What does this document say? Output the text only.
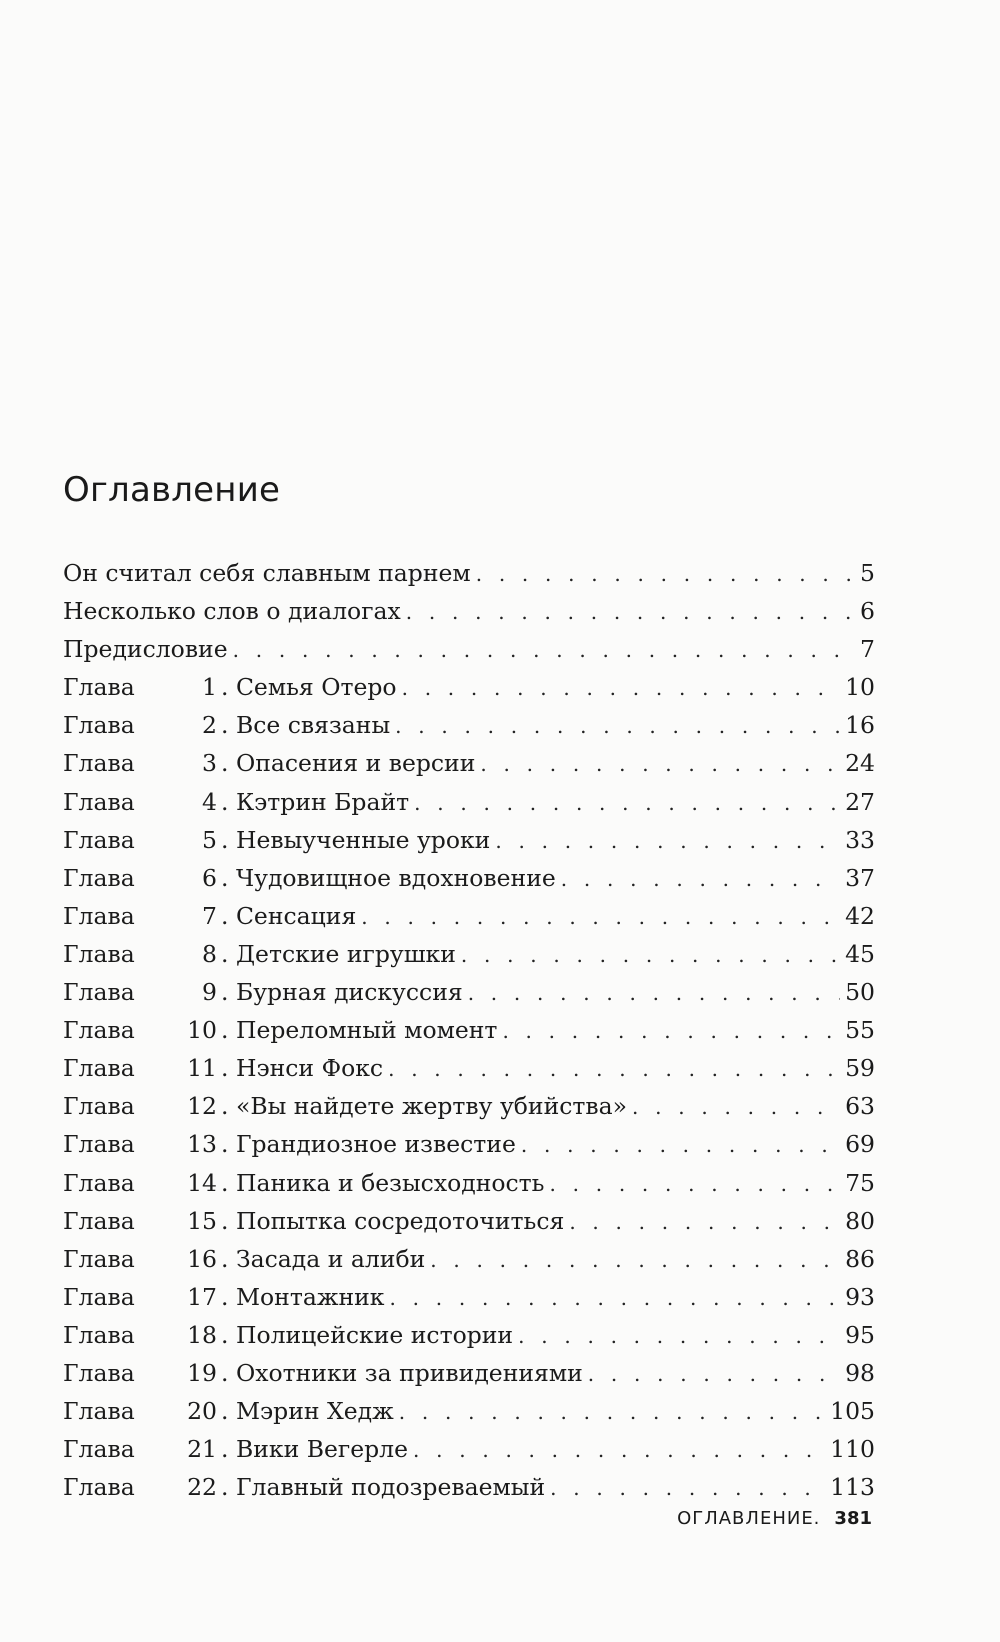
Оглавление
Он считал себя славным парнем . . .	5
Несколько слов о диалогах . . .	6
Предисловие . . .	7
Глава	1 . Семья Отеро . . .	10
Глава	2 . Все связаны . . .	16
Глава	3 . Опасения и версии . . .	24
Глава	4 . Кэтрин Брайт . . .	27
Глава	5 . Невыученные уроки . . .	33
Глава	6 . Чудовищное вдохновение . . .	37
Глава	7 . Сенсация . . .	42
Глава	8 . Детские игрушки . . .	45
Глава	9 . Бурная дискуссия . . .	50
Глава	10 . Переломный момент . . .	55
Глава	11 . Нэнси Фокс . . .	59
Глава	12 . «Вы найдете жертву убийства» . . .	63
Глава	13 . Грандиозное известие . . .	69
Глава	14 . Паника и безысходность . . .	75
Глава	15 . Попытка сосредоточиться . . .	80
Глава	16 . Засада и алиби . . .	86
Глава	17 . Монтажник . . .	93
Глава	18 . Полицейские истории . . .	95
Глава	19 . Охотники за привидениями . . .	98
Глава	20 . Мэрин Хедж . . .	105
Глава	21 . Вики Вегерле . . .	110
Глава	22 . Главный подозреваемый . . .	113
ОГЛАВЛЕНИЕ. 381
